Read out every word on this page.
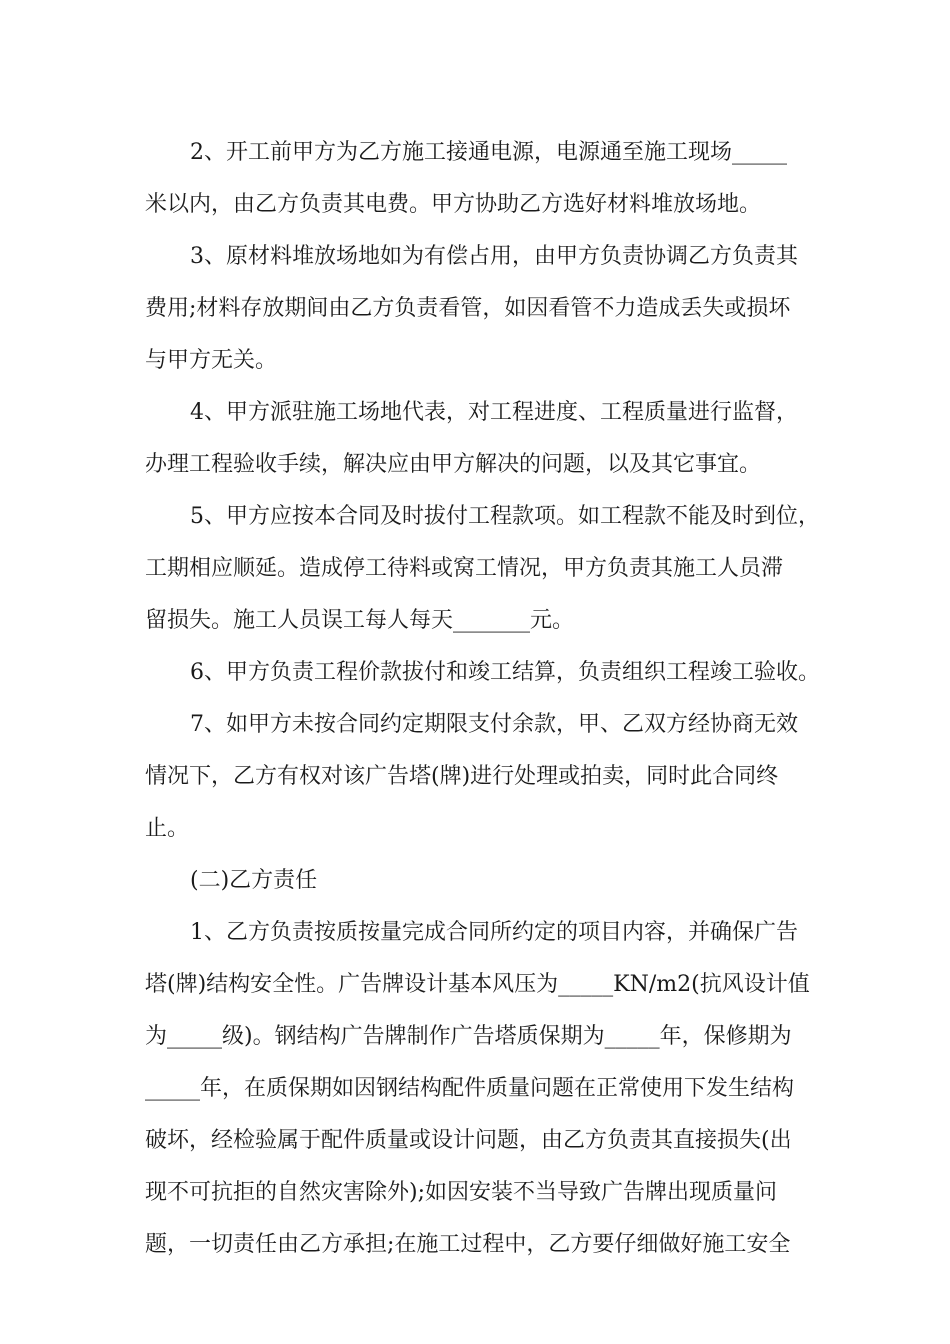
2、开工前甲方为乙方施工接通电源，电源通至施工现场_____
米以内，由乙方负责其电费。甲方协助乙方选好材料堆放场地。
3、原材料堆放场地如为有偿占用，由甲方负责协调乙方负责其
费用;材料存放期间由乙方负责看管，如因看管不力造成丢失或损坏
与甲方无关。
4、甲方派驻施工场地代表，对工程进度、工程质量进行监督，
办理工程验收手续，解决应由甲方解决的问题，以及其它事宜。
5、甲方应按本合同及时拔付工程款项。如工程款不能及时到位，
工期相应顺延。造成停工待料或窝工情况，甲方负责其施工人员滞
留损失。施工人员误工每人每天_______元。
6、甲方负责工程价款拔付和竣工结算，负责组织工程竣工验收。
7、如甲方未按合同约定期限支付余款，甲、乙双方经协商无效
情况下，乙方有权对该广告塔(牌)进行处理或拍卖，同时此合同终
止。
(二)乙方责任
1、乙方负责按质按量完成合同所约定的项目内容，并确保广告
塔(牌)结构安全性。广告牌设计基本风压为_____KN/m2(抗风设计值
为_____级)。钢结构广告牌制作广告塔质保期为_____年，保修期为
_____年，在质保期如因钢结构配件质量问题在正常使用下发生结构
破坏，经检验属于配件质量或设计问题，由乙方负责其直接损失(出
现不可抗拒的自然灾害除外);如因安装不当导致广告牌出现质量问
题，一切责任由乙方承担;在施工过程中，乙方要仔细做好施工安全
